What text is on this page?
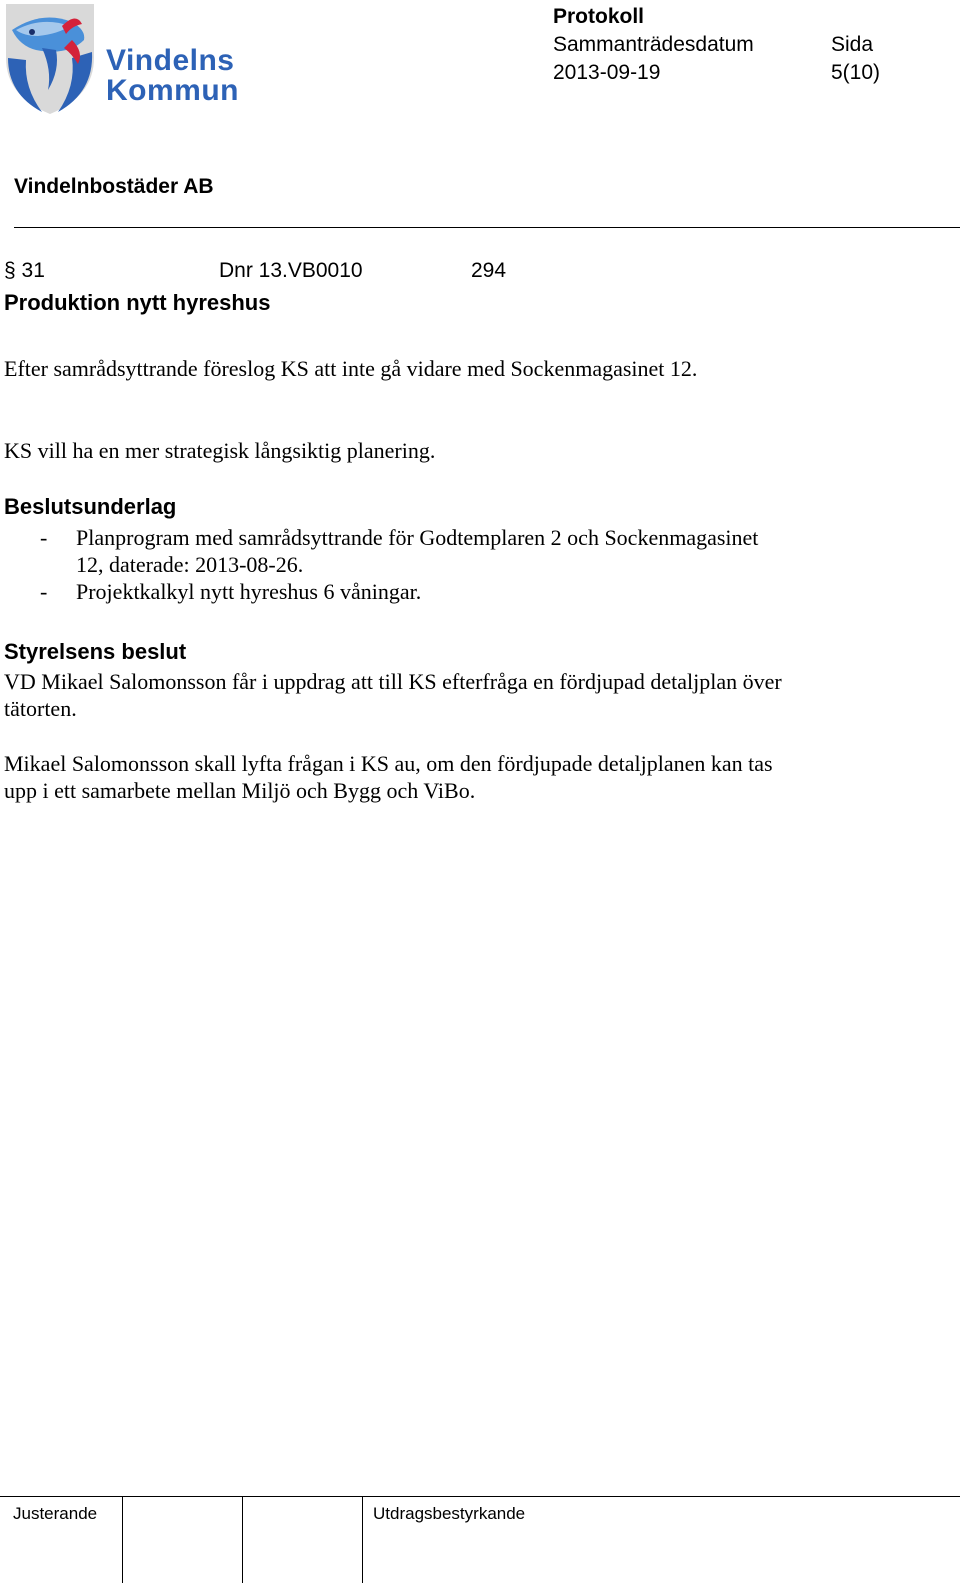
Vindelns

Kommun

Protokoll

Sammanträdesdatum	Sida

2013-09-19	5(10)

Vindelnbostäder AB

§ 31	Dnr 13.VB0010	294

Produktion nytt hyreshus

Efter samrådsyttrande föreslog KS att inte gå vidare med Sockenmagasinet 12.

KS vill ha en mer strategisk långsiktig planering.

Beslutsunderlag

- Planprogram med samrådsyttrande för Godtemplaren 2 och Sockenmagasinet 12, daterade: 2013-08-26.
- Projektkalkyl nytt hyreshus 6 våningar.

Styrelsens beslut

VD Mikael Salomonsson får i uppdrag att till KS efterfråga en fördjupad detaljplan över tätorten.

Mikael Salomonsson skall lyfta frågan i KS au, om den fördjupade detaljplanen kan tas upp i ett samarbete mellan Miljö och Bygg och ViBo.

Justerande	Utdragsbestyrkande
